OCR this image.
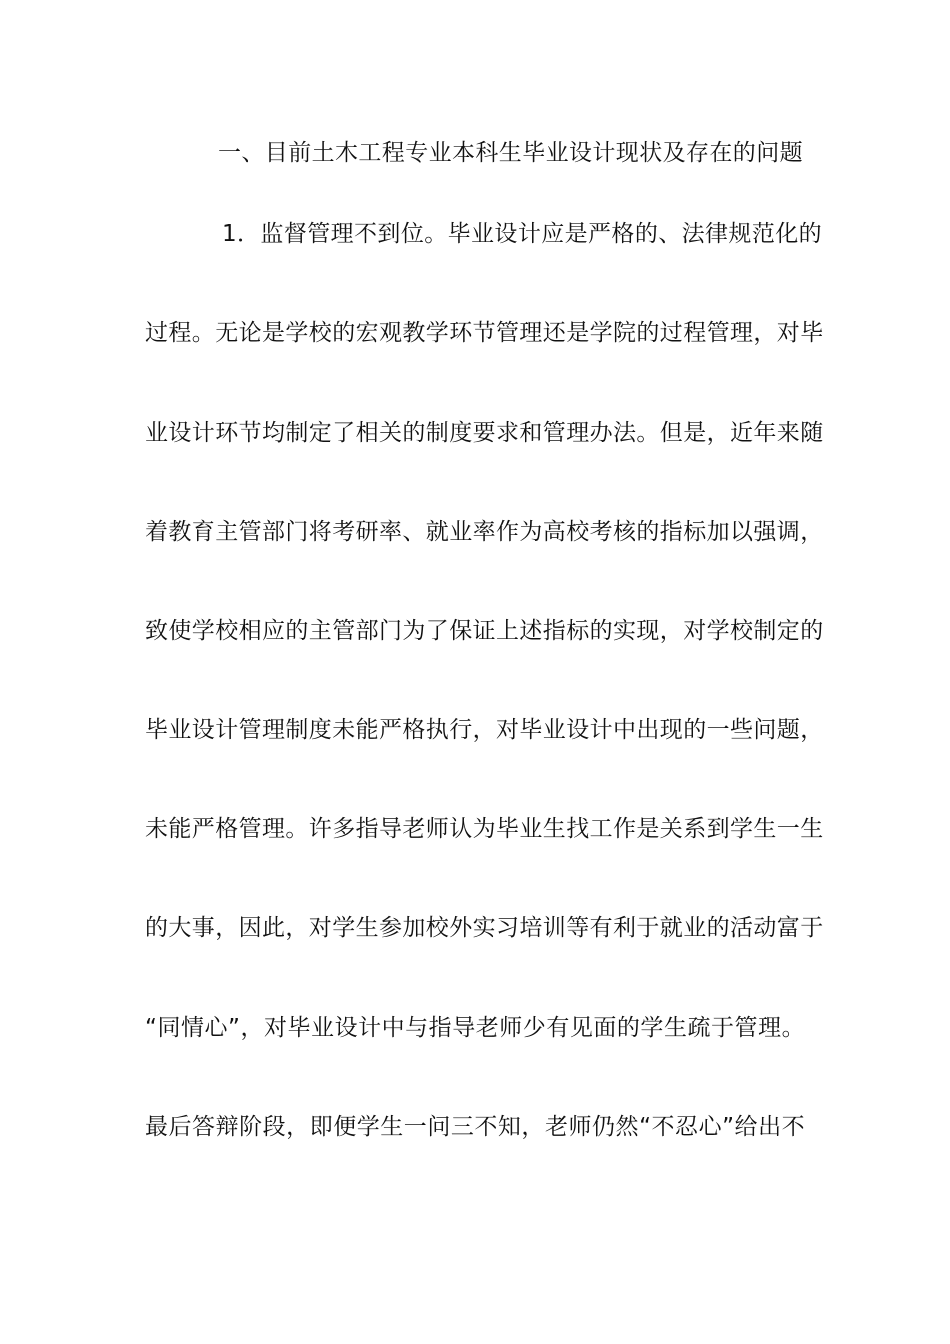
一、目前土木工程专业本科生毕业设计现状及存在的问题
1．监督管理不到位。毕业设计应是严格的、法律规范化的
过程。无论是学校的宏观教学环节管理还是学院的过程管理，对毕
业设计环节均制定了相关的制度要求和管理办法。但是，近年来随
着教育主管部门将考研率、就业率作为高校考核的指标加以强调，
致使学校相应的主管部门为了保证上述指标的实现，对学校制定的
毕业设计管理制度未能严格执行，对毕业设计中出现的一些问题，
未能严格管理。许多指导老师认为毕业生找工作是关系到学生一生
的大事，因此，对学生参加校外实习培训等有利于就业的活动富于
“同情心”，对毕业设计中与指导老师少有见面的学生疏于管理。
最后答辩阶段，即便学生一问三不知，老师仍然“不忍心”给出不
